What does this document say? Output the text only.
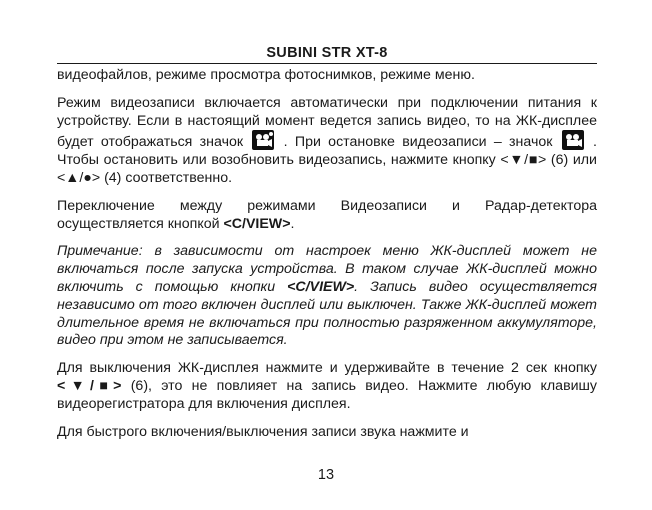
SUBINI STR XT-8

видеофайлов, режиме просмотра фотоснимков, режиме меню.

Режим видеозаписи включается автоматически при подключении питания к устройству. Если в настоящий момент ведется запись видео, то на ЖК-дисплее будет отображаться значок	. При остановке видеозаписи – значок	. Чтобы остановить или возобновить видеозапись, нажмите кнопку <▼/■> (6) или <▲/●> (4) соответственно.

Переключение между режимами Видеозаписи и Радар-детектора осуществляется кнопкой <C/VIEW>.

Примечание: в зависимости от настроек меню ЖК-дисплей может не включаться после запуска устройства. В таком случае ЖК-дисплей можно включить с помощью кнопки <C/VIEW>. Запись видео осуществляется независимо от того включен дисплей или выключен. Также ЖК-дисплей может длительное время не включаться при полностью разряженном аккумуляторе, видео при этом не записывается.

Для выключения ЖК-дисплея нажмите и удерживайте в течение 2 сек кнопку <▼/■> (6), это не повлияет на запись видео. Нажмите любую клавишу видеорегистратора для включения дисплея.

Для быстрого включения/выключения записи звука нажмите и

13
